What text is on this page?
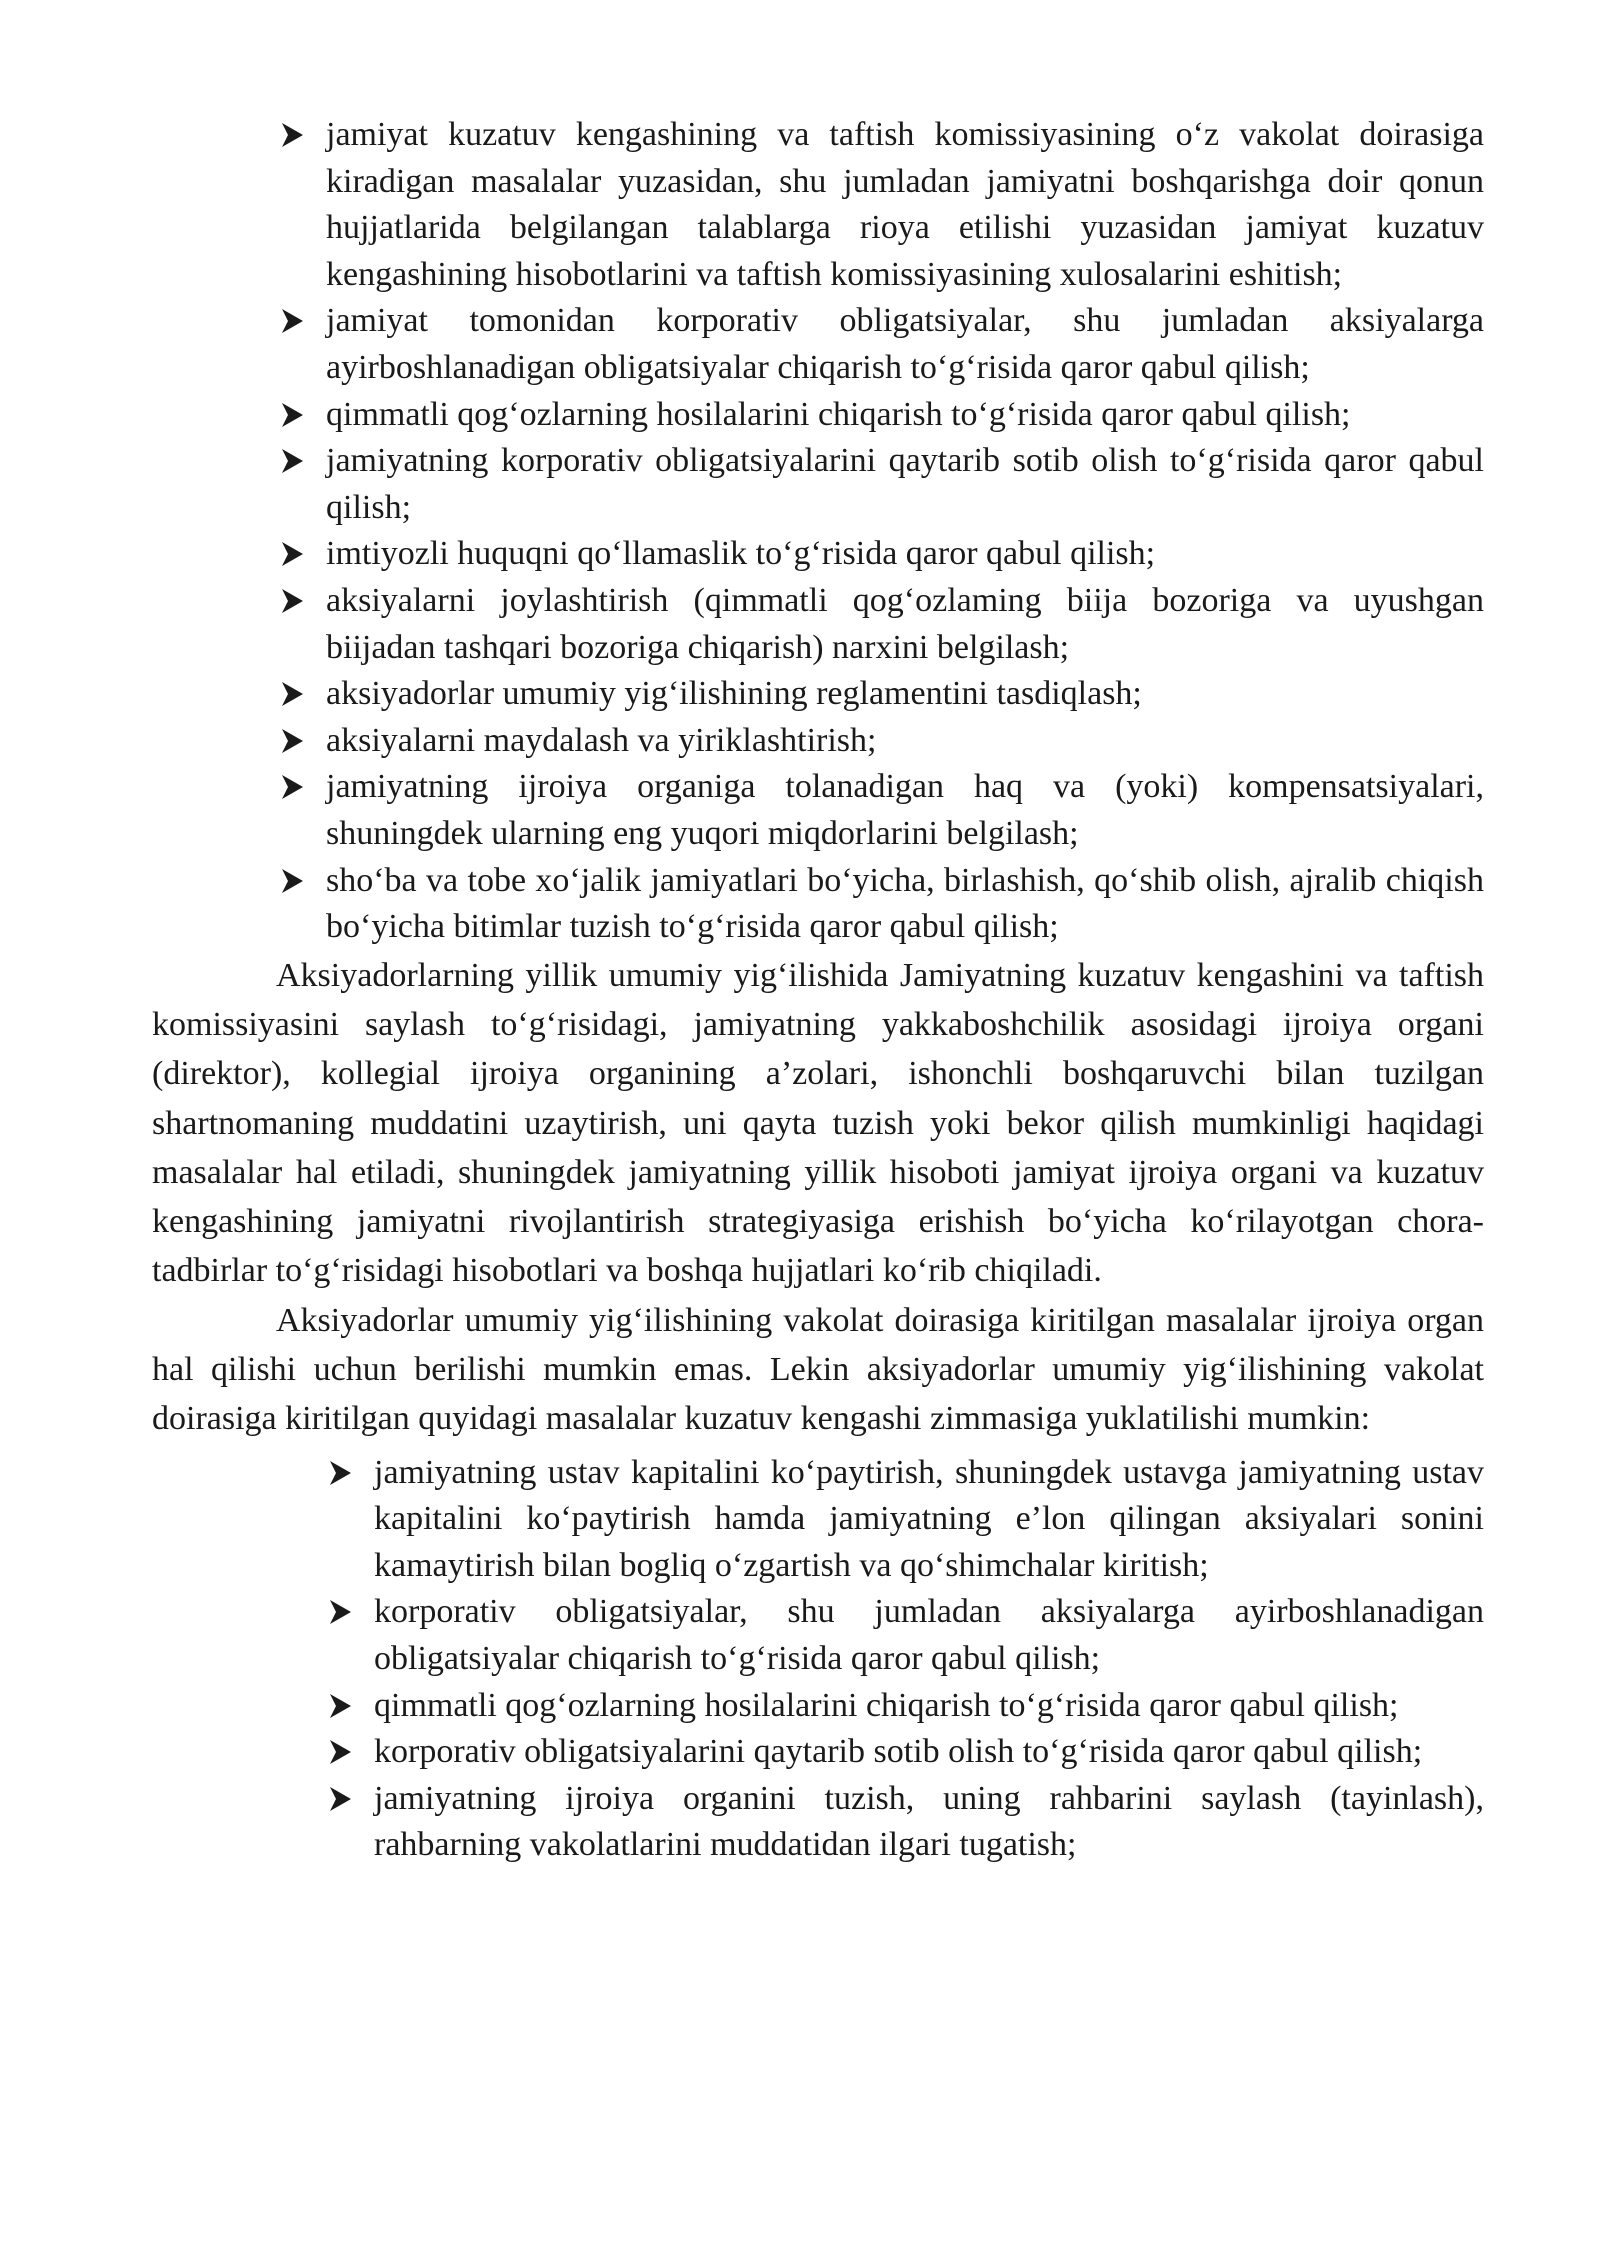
jamiyat kuzatuv kengashining va taftish komissiyasining oʻz vakolat doirasiga kiradigan masalalar yuzasidan, shu jumladan jamiyatni boshqarishga doir qonun hujjatlarida belgilangan talablarga rioya etilishi yuzasidan jamiyat kuzatuv kengashining hisobotlarini va taftish komissiyasining xulosalarini eshitish;
jamiyat tomonidan korporativ obligatsiyalar, shu jumladan aksiyalarga ayirboshlanadigan obligatsiyalar chiqarish toʻgʻrisida qaror qabul qilish;
qimmatli qogʻozlarning hosilalarini chiqarish toʻgʻrisida qaror qabul qilish;
jamiyatning korporativ obligatsiyalarini qaytarib sotib olish toʻgʻrisida qaror qabul qilish;
imtiyozli huquqni qoʻllamaslik toʻgʻrisida qaror qabul qilish;
aksiyalarni joylashtirish (qimmatli qogʻozlaming biija bozoriga va uyushgan biijadan tashqari bozoriga chiqarish) narxini belgilash;
aksiyadorlar umumiy yigʻilishining reglamentini tasdiqlash;
aksiyalarni maydalash va yiriklashtirish;
jamiyatning ijroiya organiga tolanadigan haq va (yoki) kompensatsiyalari, shuningdek ularning eng yuqori miqdorlarini belgilash;
shoʻba va tobe xoʻjalik jamiyatlari boʻyicha, birlashish, qoʻshib olish, ajralib chiqish boʻyicha bitimlar tuzish toʻgʻrisida qaror qabul qilish;

Aksiyadorlarning yillik umumiy yigʻilishida Jamiyatning kuzatuv kengashini va taftish komissiyasini saylash toʻgʻrisidagi, jamiyatning yakkaboshchilik asosidagi ijroiya organi (direktor), kollegial ijroiya organining a’zolari, ishonchli boshqaruvchi bilan tuzilgan shartnomaning muddatini uzaytirish, uni qayta tuzish yoki bekor qilish mumkinligi haqidagi masalalar hal etiladi, shuningdek jamiyatning yillik hisoboti jamiyat ijroiya organi va kuzatuv kengashining jamiyatni rivojlantirish strategiyasiga erishish boʻyicha koʻrilayotgan chora-tadbirlar toʻgʻrisidagi hisobotlari va boshqa hujjatlari koʻrib chiqiladi.

Aksiyadorlar umumiy yigʻilishining vakolat doirasiga kiritilgan masalalar ijroiya organ hal qilishi uchun berilishi mumkin emas. Lekin aksiyadorlar umumiy yigʻilishining vakolat doirasiga kiritilgan quyidagi masalalar kuzatuv kengashi zimmasiga yuklatilishi mumkin:

jamiyatning ustav kapitalini koʻpaytirish, shuningdek ustavga jamiyatning ustav kapitalini koʻpaytirish hamda jamiyatning e’lon qilingan aksiyalari sonini kamaytirish bilan bogliq oʻzgartish va qoʻshimchalar kiritish;
korporativ obligatsiyalar, shu jumladan aksiyalarga ayirboshlanadigan obligatsiyalar chiqarish toʻgʻrisida qaror qabul qilish;
qimmatli qogʻozlarning hosilalarini chiqarish toʻgʻrisida qaror qabul qilish;
korporativ obligatsiyalarini qaytarib sotib olish toʻgʻrisida qaror qabul qilish;
jamiyatning ijroiya organini tuzish, uning rahbarini saylash (tayinlash), rahbarning vakolatlarini muddatidan ilgari tugatish;
